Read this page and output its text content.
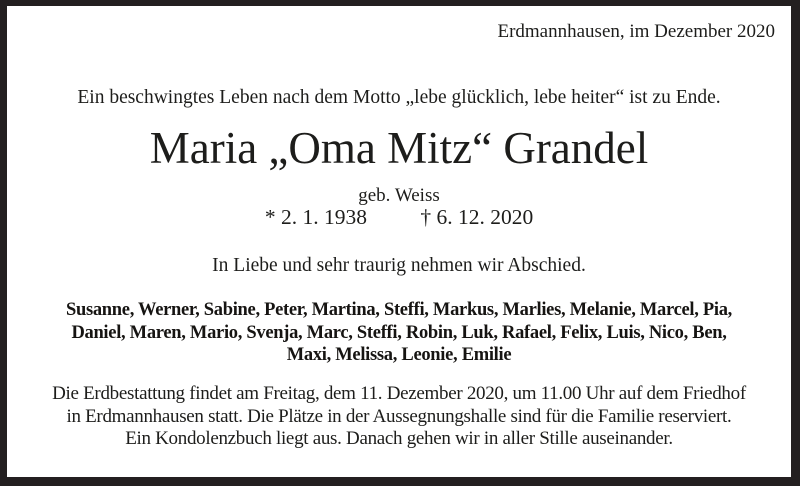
Erdmannhausen, im Dezember 2020
Ein beschwingtes Leben nach dem Motto „lebe glücklich, lebe heiter“ ist zu Ende.
Maria „Oma Mitz“ Grandel
geb. Weiss
* 2. 1. 1938 † 6. 12. 2020
In Liebe und sehr traurig nehmen wir Abschied.
Susanne, Werner, Sabine, Peter, Martina, Steffi, Markus, Marlies, Melanie, Marcel, Pia,
Daniel, Maren, Mario, Svenja, Marc, Steffi, Robin, Luk, Rafael, Felix, Luis, Nico, Ben,
Maxi, Melissa, Leonie, Emilie
Die Erdbestattung findet am Freitag, dem 11. Dezember 2020, um 11.00 Uhr auf dem Friedhof
in Erdmannhausen statt. Die Plätze in der Aussegnungshalle sind für die Familie reserviert.
Ein Kondolenzbuch liegt aus. Danach gehen wir in aller Stille auseinander.
